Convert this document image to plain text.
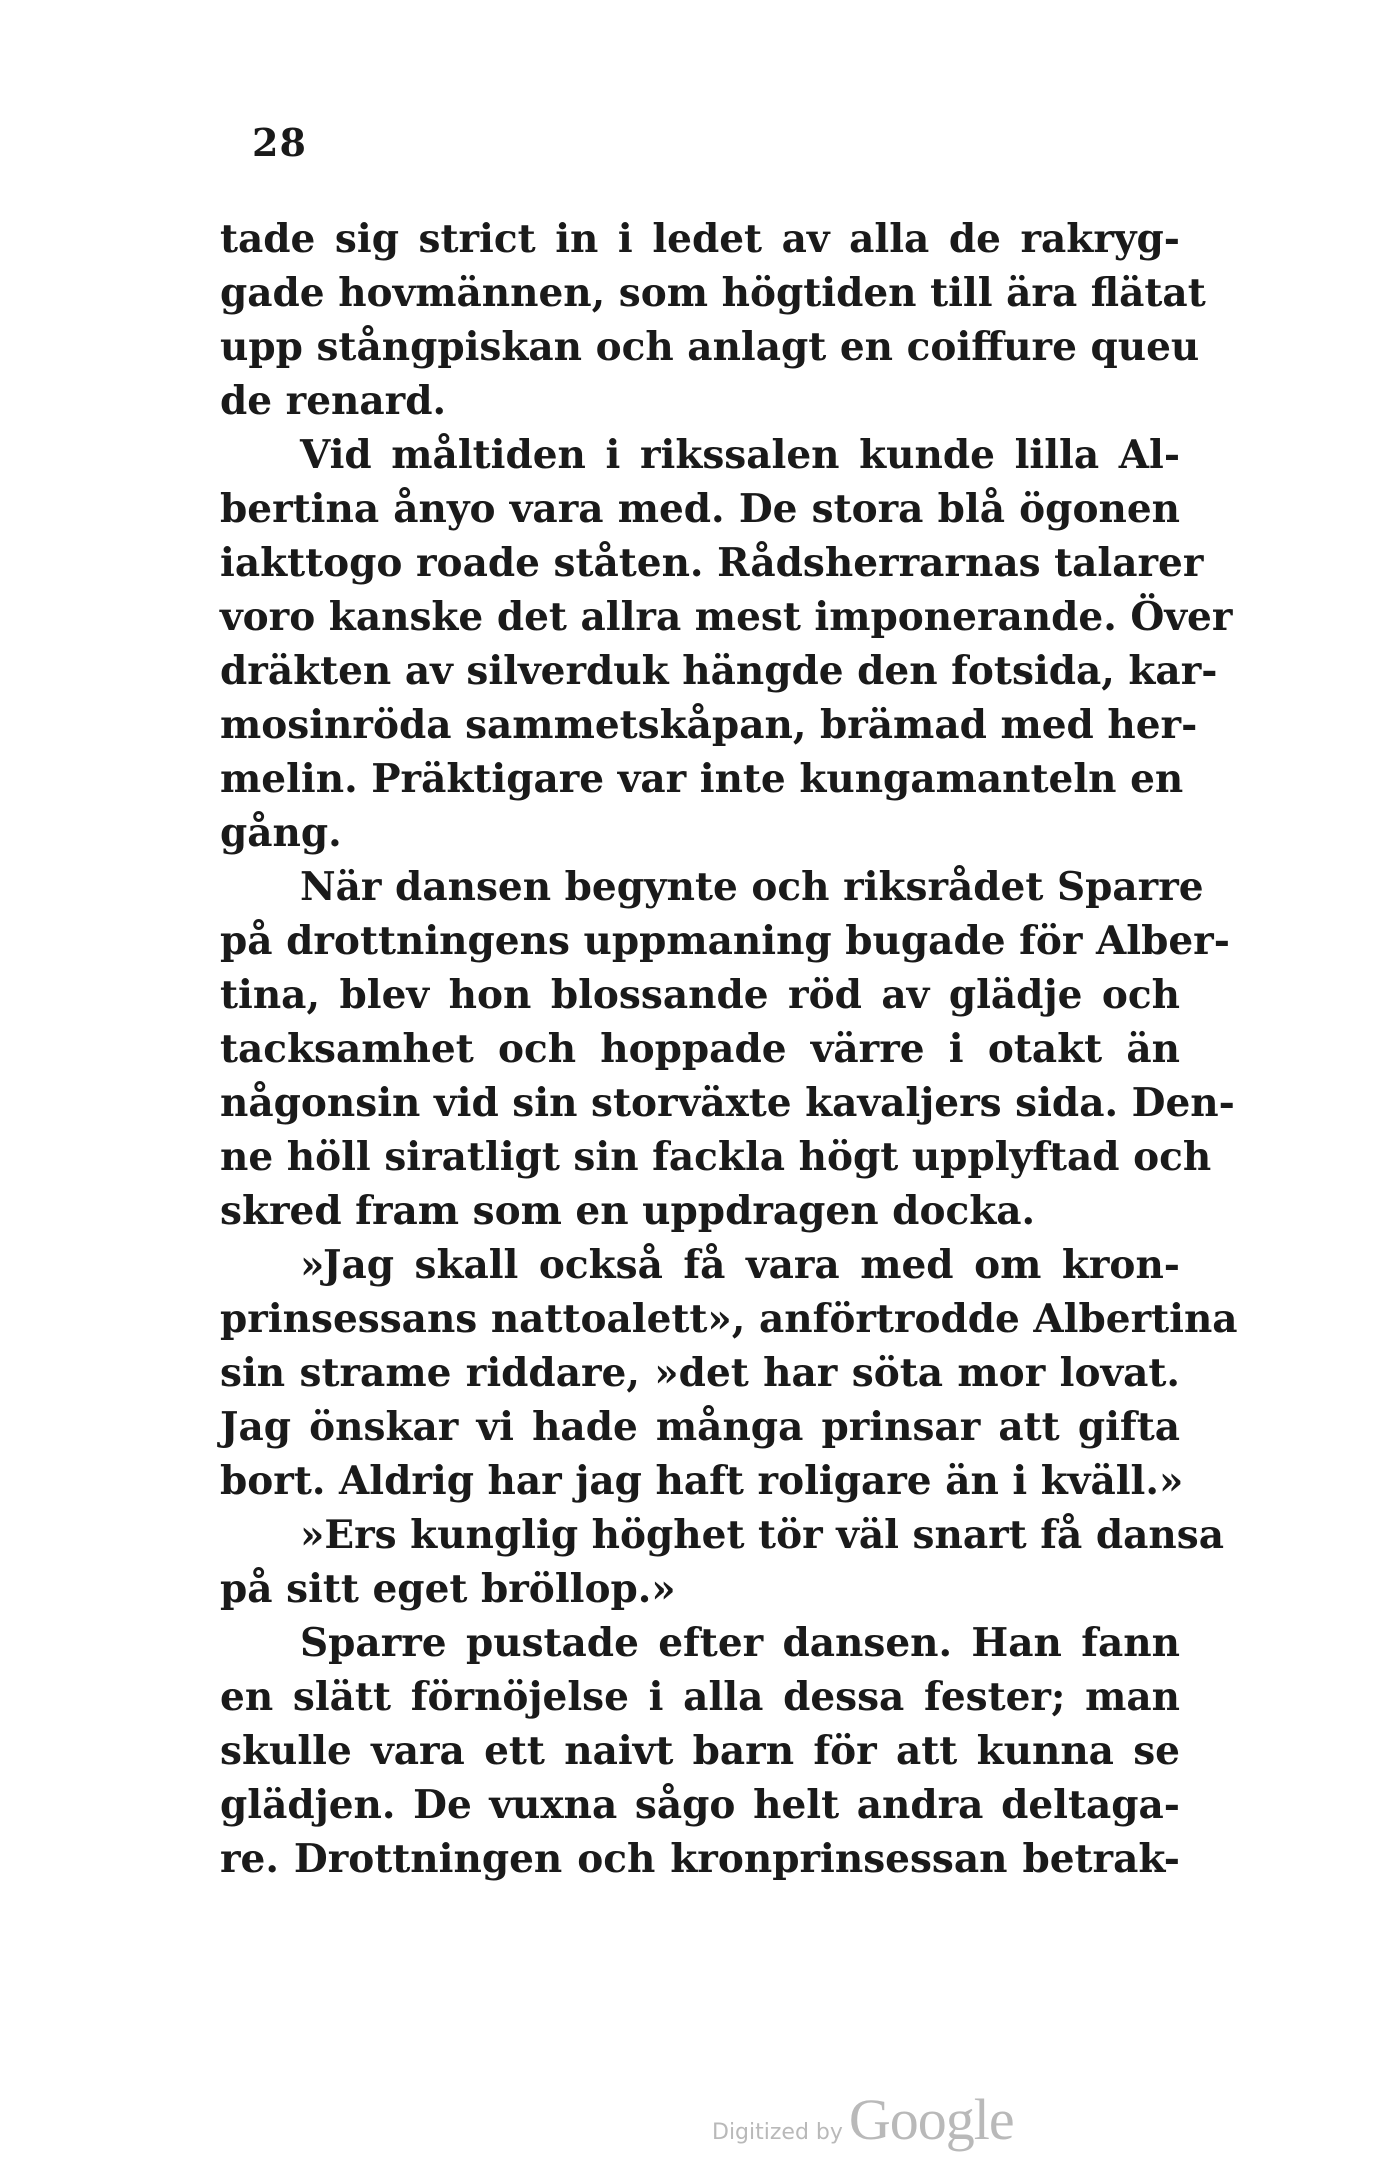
28
tade sig strict in i ledet av alla de rakryg-
gade hovmännen, som högtiden till ära flätat
upp stångpiskan och anlagt en coiffure queu
de renard.
Vid måltiden i rikssalen kunde lilla Al-
bertina ånyo vara med. De stora blå ögonen
iakttogo roade ståten. Rådsherrarnas talarer
voro kanske det allra mest imponerande. Över
dräkten av silverduk hängde den fotsida, kar-
mosinröda sammetskåpan, brämad med her-
melin. Präktigare var inte kungamanteln en
gång.
När dansen begynte och riksrådet Sparre
på drottningens uppmaning bugade för Alber-
tina, blev hon blossande röd av glädje och
tacksamhet och hoppade värre i otakt än
någonsin vid sin storväxte kavaljers sida. Den-
ne höll siratligt sin fackla högt upplyftad och
skred fram som en uppdragen docka.
»Jag skall också få vara med om kron-
prinsessans nattoalett», anförtrodde Albertina
sin strame riddare, »det har söta mor lovat.
Jag önskar vi hade många prinsar att gifta
bort. Aldrig har jag haft roligare än i kväll.»
»Ers kunglig höghet tör väl snart få dansa
på sitt eget bröllop.»
Sparre pustade efter dansen. Han fann
en slätt förnöjelse i alla dessa fester; man
skulle vara ett naivt barn för att kunna se
glädjen. De vuxna sågo helt andra deltaga-
re. Drottningen och kronprinsessan betrak-
Digitized by Google
